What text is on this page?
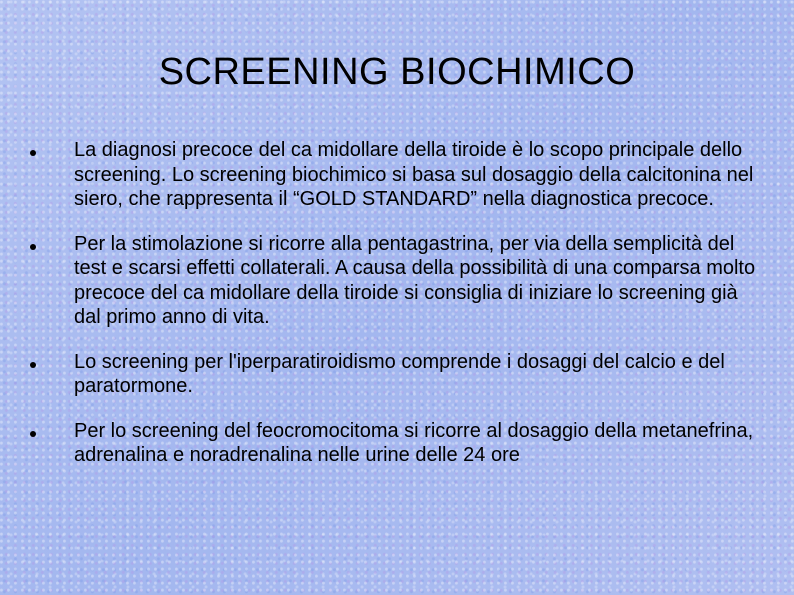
SCREENING BIOCHIMICO
La diagnosi precoce del ca midollare della tiroide è lo scopo principale dello screening. Lo screening biochimico si basa sul dosaggio della calcitonina nel siero, che rappresenta il “GOLD STANDARD” nella diagnostica precoce.
Per la stimolazione si ricorre alla pentagastrina, per via della semplicità del test e scarsi effetti collaterali. A causa della possibilità di una comparsa molto precoce del ca midollare della tiroide si consiglia di iniziare lo screening già dal primo anno di vita.
Lo screening per l'iperparatiroidismo comprende i dosaggi del calcio e del paratormone.
Per lo screening del feocromocitoma si ricorre al dosaggio della metanefrina, adrenalina e noradrenalina nelle urine delle 24 ore
